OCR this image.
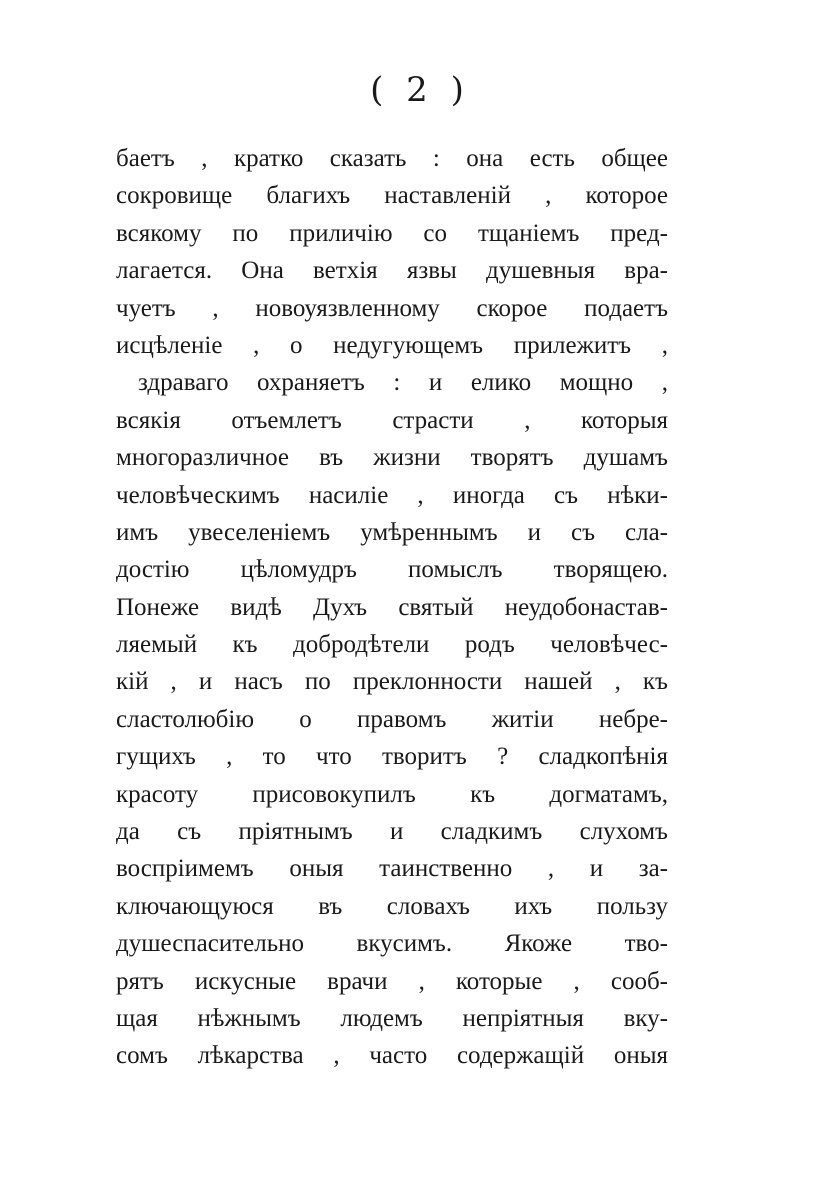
( 2 )
баетъ , кратко сказать : она есть общее
сокровище благихъ наставленій , которое
всякому по приличію со тщаніемъ пред-
лагается. Она ветхія язвы душевныя вра-
чуетъ , новоуязвленному скорое подаетъ
исцѣленіе , о недугующемъ прилежитъ ,
здраваго охраняетъ : и елико мощно ,
всякія отъемлетъ страсти , которыя
многоразличное въ жизни творятъ душамъ
человѣческимъ насиліе , иногда съ нѣки-
имъ увеселеніемъ умѣреннымъ и съ сла-
достію цѣломудръ помыслъ творящею.
Понеже видѣ Духъ святый неудобонастав-
ляемый къ добродѣтели родъ человѣчес-
кій , и насъ по преклонности нашей , къ
сластолюбію о правомъ житіи небре-
гущихъ , то что творитъ ? сладкопѣнія
красоту присовокупилъ къ догматамъ,
да съ пріятнымъ и сладкимъ слухомъ
воспріимемъ оныя таинственно , и за-
ключающуюся въ словахъ ихъ пользу
душеспасительно вкусимъ. Якоже тво-
рятъ искусные врачи , которые , сооб-
щая нѣжнымъ людемъ непріятныя вку-
сомъ лѣкарства , часто содержащій оныя
